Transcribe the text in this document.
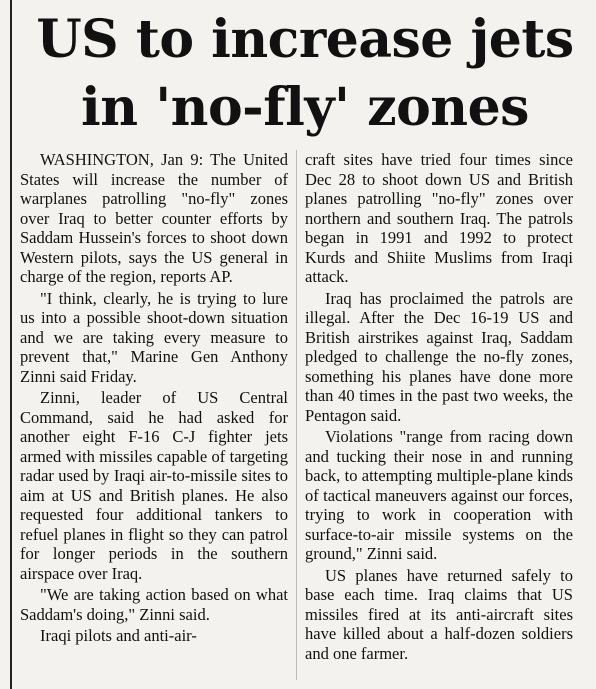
US to increase jets
in 'no-fly' zones

WASHINGTON, Jan 9: The United States will increase the number of warplanes patrolling "no-fly" zones over Iraq to better counter efforts by Saddam Hussein's forces to shoot down Western pilots, says the US general in charge of the region, reports AP.

"I think, clearly, he is trying to lure us into a possible shoot-down situation and we are taking every measure to prevent that," Marine Gen Anthony Zinni said Friday.

Zinni, leader of US Central Command, said he had asked for another eight F-16 C-J fighter jets armed with missiles capable of targeting radar used by Iraqi air-to-missile sites to aim at US and British planes. He also requested four additional tankers to refuel planes in flight so they can patrol for longer periods in the southern airspace over Iraq.

"We are taking action based on what Saddam's doing," Zinni said.

Iraqi pilots and anti-air-

craft sites have tried four times since Dec 28 to shoot down US and British planes patrolling "no-fly" zones over northern and southern Iraq. The patrols began in 1991 and 1992 to protect Kurds and Shiite Muslims from Iraqi attack.

Iraq has proclaimed the patrols are illegal. After the Dec 16-19 US and British airstrikes against Iraq, Saddam pledged to challenge the no-fly zones, something his planes have done more than 40 times in the past two weeks, the Pentagon said.

Violations "range from racing down and tucking their nose in and running back, to attempting multiple-plane kinds of tactical maneuvers against our forces, trying to work in cooperation with surface-to-air missile systems on the ground," Zinni said.

US planes have returned safely to base each time. Iraq claims that US missiles fired at its anti-aircraft sites have killed about a half-dozen soldiers and one farmer.
